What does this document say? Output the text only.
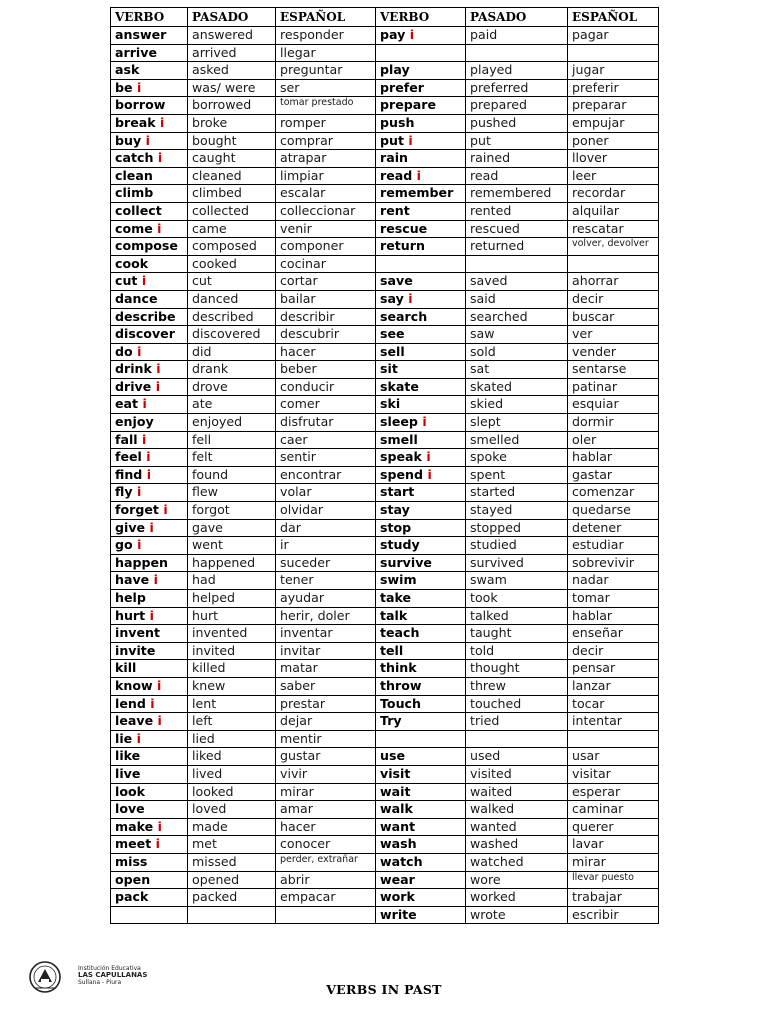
VERBO	PASADO	ESPAÑOL	VERBO	PASADO	ESPAÑOL
answer	answered	responder	pay i	paid	pagar
arrive	arrived	llegar			
ask	asked	preguntar	play	played	jugar
be i	was/ were	ser	prefer	preferred	preferir
borrow	borrowed	tomar prestado	prepare	prepared	preparar
break i	broke	romper	push	pushed	empujar
buy i	bought	comprar	put i	put	poner
catch i	caught	atrapar	rain	rained	llover
clean	cleaned	limpiar	read i	read	leer
climb	climbed	escalar	remember	remembered	recordar
collect	collected	colleccionar	rent	rented	alquilar
come i	came	venir	rescue	rescued	rescatar
compose	composed	componer	return	returned	volver, devolver

cook	cooked	cocinar			
cut i	cut	cortar	save	saved	ahorrar
dance	danced	bailar	say i	said	decir
describe	described	describir	search	searched	buscar
discover	discovered	descubrir	see	saw	ver
do i	did	hacer	sell	sold	vender
drink i	drank	beber	sit	sat	sentarse
drive i	drove	conducir	skate	skated	patinar
eat i	ate	comer	ski	skied	esquiar
enjoy	enjoyed	disfrutar	sleep i	slept	dormir
fall i	fell	caer	smell	smelled	oler
feel i	felt	sentir	speak i	spoke	hablar
find i	found	encontrar	spend i	spent	gastar
fly i	flew	volar	start	started	comenzar
forget i	forgot	olvidar	stay	stayed	quedarse
give i	gave	dar	stop	stopped	detener
go i	went	ir	study	studied	estudiar
happen	happened	suceder	survive	survived	sobrevivir
have i	had	tener	swim	swam	nadar
help	helped	ayudar	take	took	tomar
hurt i	hurt	herir, doler	talk	talked	hablar
invent	invented	inventar	teach	taught	enseñar
invite	invited	invitar	tell	told	decir
kill	killed	matar	think	thought	pensar
know i	knew	saber	throw	threw	lanzar
lend i	lent	prestar	Touch	touched	tocar
leave i	left	dejar	Try	tried	intentar
lie i	lied	mentir			
like	liked	gustar	use	used	usar
live	lived	vivir	visit	visited	visitar
look	looked	mirar	wait	waited	esperar
love	loved	amar	walk	walked	caminar
make i	made	hacer	want	wanted	querer
meet i	met	conocer	wash	washed	lavar
miss	missed	perder, extrañar	watch	watched	mirar
open	opened	abrir	wear	wore	llevar puesto

pack	packed	empacar	work	worked	trabajar
			write	wrote	escribir
Institución Educativa
LAS CAPULLANAS
Sullana - Piura	VERBS IN PAST
